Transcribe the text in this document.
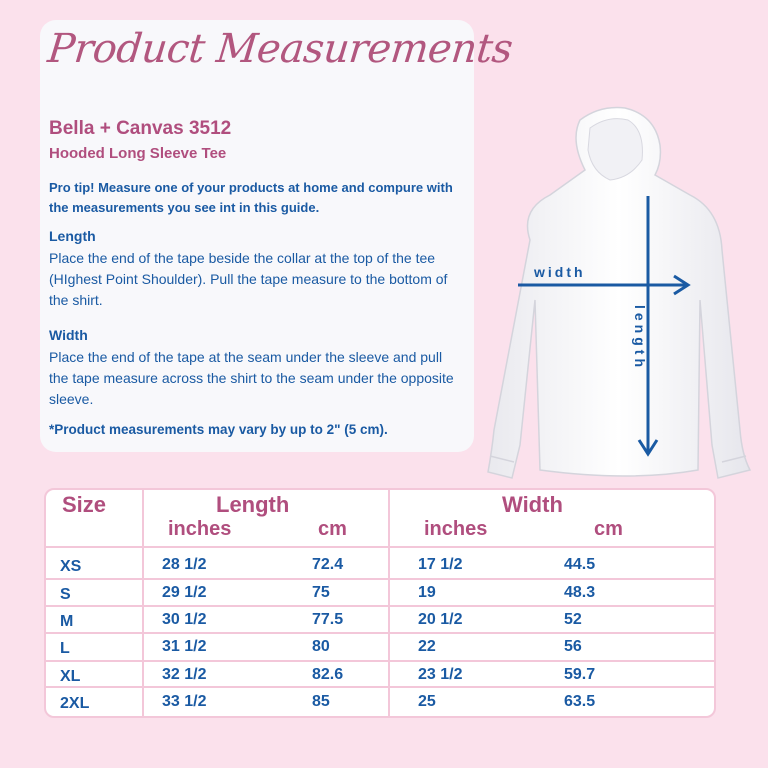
Product Measurements
Bella + Canvas 3512
Hooded Long Sleeve Tee
Pro tip! Measure one of your products at home and compure with the measurements you see int in this guide.
Length
Place the end of the tape beside the collar at the top of the tee (HIghest Point Shoulder). Pull the tape measure to the bottom of the shirt.
Width
Place the end of the tape at the seam under the sleeve and pull the tape measure across the shirt to the seam under the opposite sleeve.
*Product measurements may vary by up to 2" (5 cm).
width
length
Size	Length	Width
inches	cm	inches	cm
XS	28 1/2	72.4	17 1/2	44.5
S	29 1/2	75	19	48.3
M	30 1/2	77.5	20 1/2	52
L	31 1/2	80	22	56
XL	32 1/2	82.6	23 1/2	59.7
2XL	33 1/2	85	25	63.5
